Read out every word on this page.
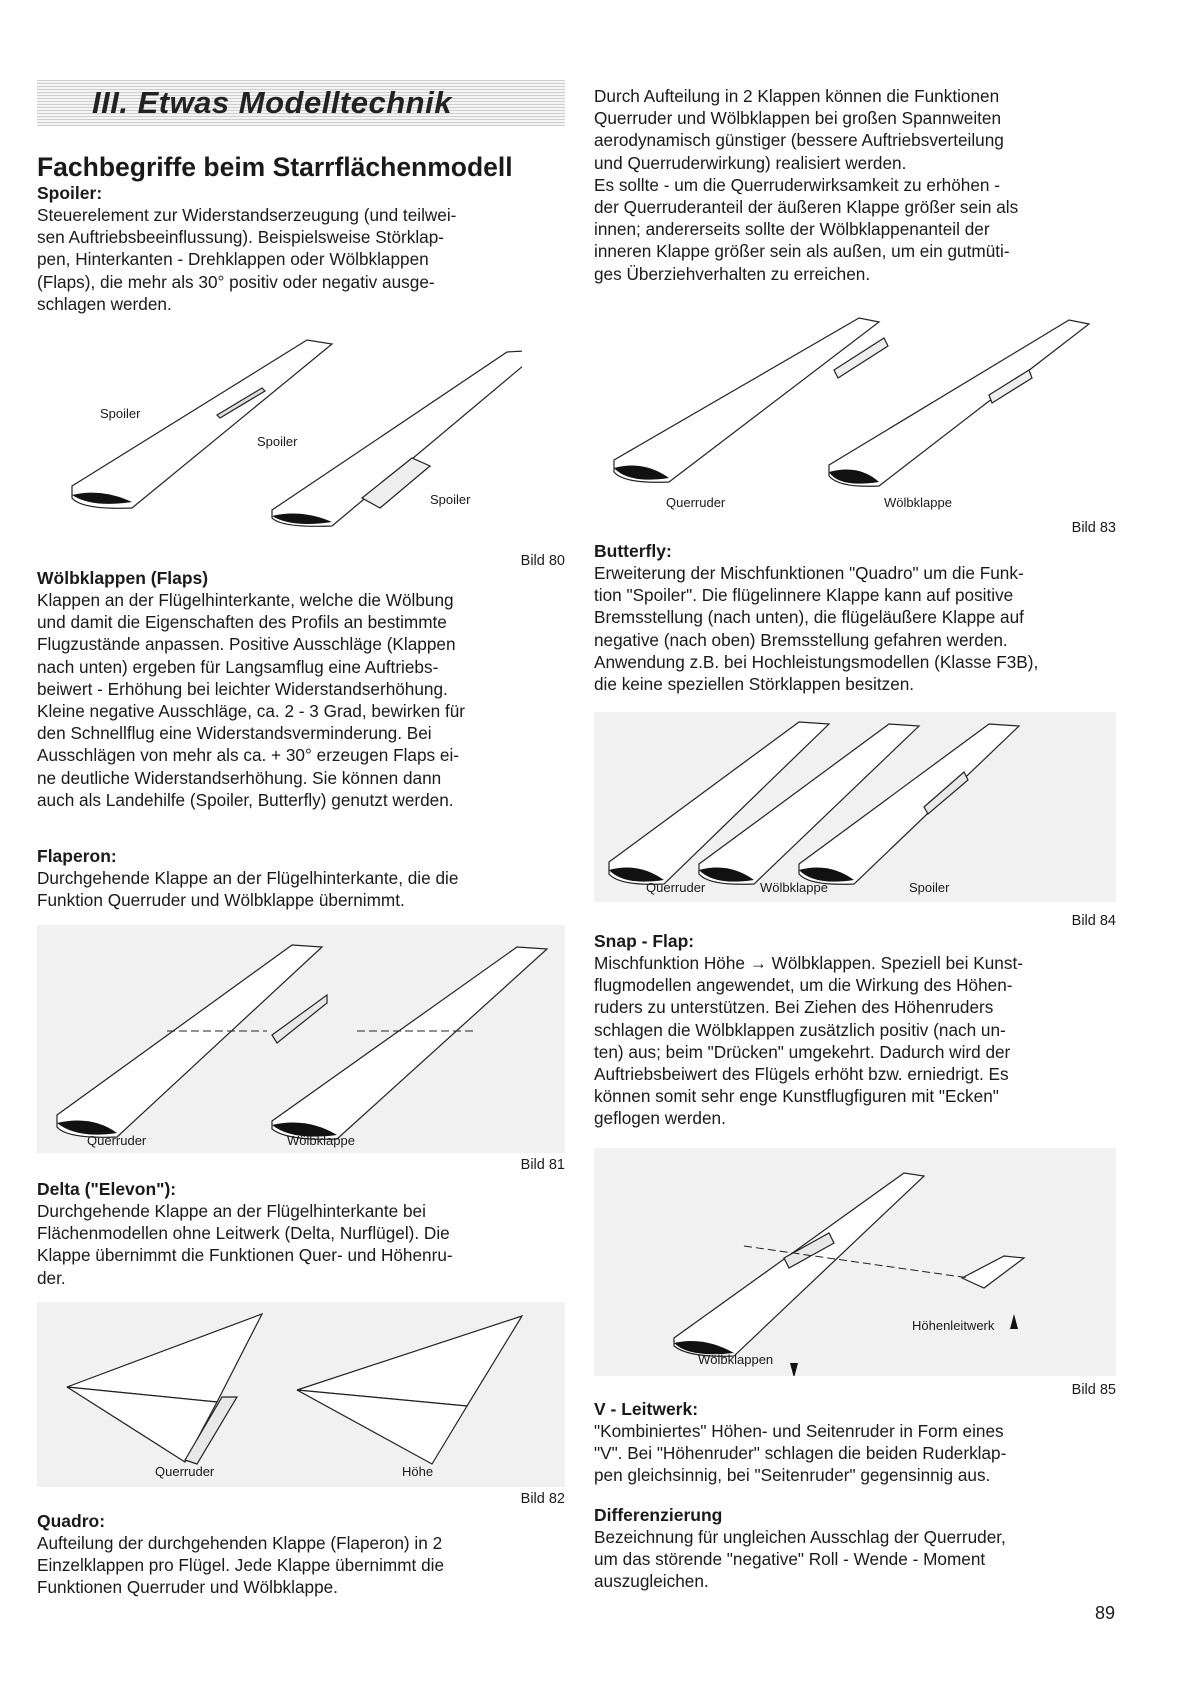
III. Etwas Modelltechnik
Fachbegriffe beim Starrflächenmodell
Spoiler:

Steuerelement zur Widerstandserzeugung (und teilwei-
sen Auftriebsbeeinflussung). Beispielsweise Störklap-
pen, Hinterkanten - Drehklappen oder Wölbklappen
(Flaps), die mehr als 30° positiv oder negativ ausge-
schlagen werden.

Spoiler
Spoiler
Spoiler
Bild 80
Wölbklappen (Flaps)

Klappen an der Flügelhinterkante, welche die Wölbung
und damit die Eigenschaften des Profils an bestimmte
Flugzustände anpassen. Positive Ausschläge (Klappen
nach unten) ergeben für Langsamflug eine Auftriebs-
beiwert - Erhöhung bei leichter Widerstandserhöhung.
Kleine negative Ausschläge, ca. 2 - 3 Grad, bewirken für
den Schnellflug eine Widerstandsverminderung. Bei
Ausschlägen von mehr als ca. + 30° erzeugen Flaps ei-
ne deutliche Widerstandserhöhung. Sie können dann
auch als Landehilfe (Spoiler, Butterfly) genutzt werden.

Flaperon:

Durchgehende Klappe an der Flügelhinterkante, die die
Funktion Querruder und Wölbklappe übernimmt.

Querruder	Wölbklappe
Bild 81
Delta ("Elevon"):

Durchgehende Klappe an der Flügelhinterkante bei
Flächenmodellen ohne Leitwerk (Delta, Nurflügel). Die
Klappe übernimmt die Funktionen Quer- und Höhenru-
der.

Querruder	Höhe
Bild 82
Quadro:

Aufteilung der durchgehenden Klappe (Flaperon) in 2
Einzelklappen pro Flügel. Jede Klappe übernimmt die
Funktionen Querruder und Wölbklappe.

Durch Aufteilung in 2 Klappen können die Funktionen
Querruder und Wölbklappen bei großen Spannweiten
aerodynamisch günstiger (bessere Auftriebsverteilung
und Querruderwirkung) realisiert werden.
Es sollte - um die Querruderwirksamkeit zu erhöhen -
der Querruderanteil der äußeren Klappe größer sein als
innen; andererseits sollte der Wölbklappenanteil der
inneren Klappe größer sein als außen, um ein gutmüti-
ges Überziehverhalten zu erreichen.

Querruder	Wölbklappe
Bild 83
Butterfly:

Erweiterung der Mischfunktionen "Quadro" um die Funk-
tion "Spoiler". Die flügelinnere Klappe kann auf positive
Bremsstellung (nach unten), die flügeläußere Klappe auf
negative (nach oben) Bremsstellung gefahren werden.
Anwendung z.B. bei Hochleistungsmodellen (Klasse F3B),
die keine speziellen Störklappen besitzen.

Querruder	Wölbklappe	Spoiler
Bild 84
Snap - Flap:

Mischfunktion Höhe → Wölbklappen. Speziell bei Kunst-
flugmodellen angewendet, um die Wirkung des Höhen-
ruders zu unterstützen. Bei Ziehen des Höhenruders
schlagen die Wölbklappen zusätzlich positiv (nach un-
ten) aus; beim "Drücken" umgekehrt. Dadurch wird der
Auftriebsbeiwert des Flügels erhöht bzw. erniedrigt. Es
können somit sehr enge Kunstflugfiguren mit "Ecken"
geflogen werden.

Höhenleitwerk
Wölbklappen
Bild 85
V - Leitwerk:

"Kombiniertes" Höhen- und Seitenruder in Form eines
"V". Bei "Höhenruder" schlagen die beiden Ruderklap-
pen gleichsinnig, bei "Seitenruder" gegensinnig aus.

Differenzierung

Bezeichnung für ungleichen Ausschlag der Querruder,
um das störende "negative" Roll - Wende - Moment
auszugleichen.

89
